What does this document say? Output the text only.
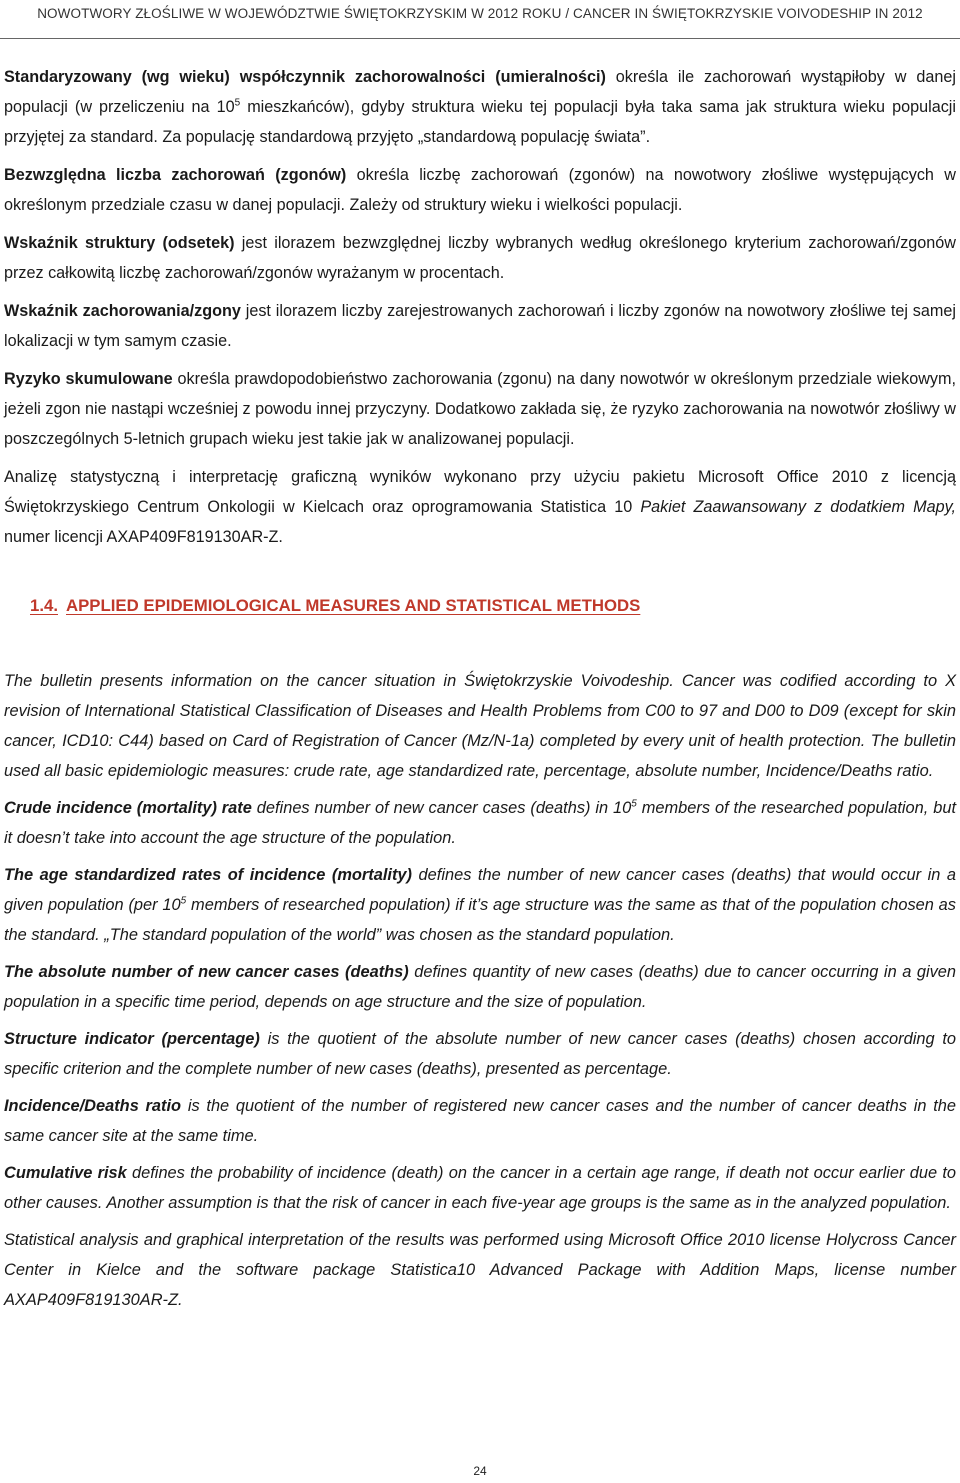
NOWOTWORY ZŁOŚLIWE W WOJEWÓDZTWIE ŚWIĘTOKRZYSKIM W 2012 ROKU / CANCER IN ŚWIĘTOKRZYSKIE VOIVODESHIP IN 2012

Standaryzowany (wg wieku) współczynnik zachorowalności (umieralności) określa ile zachorowań wystąpiłoby w danej populacji (w przeliczeniu na $10^5$ mieszkańców), gdyby struktura wieku tej populacji była taka sama jak struktura wieku populacji przyjętej za standard. Za populację standardową przyjęto „standardową populację świata”.

Bezwzględna liczba zachorowań (zgonów) określa liczbę zachorowań (zgonów) na nowotwory złośliwe występujących w określonym przedziale czasu w danej populacji. Zależy od struktury wieku i wielkości populacji.

Wskaźnik struktury (odsetek) jest ilorazem bezwzględnej liczby wybranych według określonego kryterium zachorowań/zgonów przez całkowitą liczbę zachorowań/zgonów wyrażanym w procentach.

Wskaźnik zachorowania/zgony jest ilorazem liczby zarejestrowanych zachorowań i liczby zgonów na nowotwory złośliwe tej samej lokalizacji w tym samym czasie.

Ryzyko skumulowane określa prawdopodobieństwo zachorowania (zgonu) na dany nowotwór w określonym przedziale wiekowym, jeżeli zgon nie nastąpi wcześniej z powodu innej przyczyny. Dodatkowo zakłada się, że ryzyko zachorowania na nowotwór złośliwy w poszczególnych 5-letnich grupach wieku jest takie jak w analizowanej populacji.

Analizę statystyczną i interpretację graficzną wyników wykonano przy użyciu pakietu Microsoft Office 2010 z licencją Świętokrzyskiego Centrum Onkologii w Kielcach oraz oprogramowania Statistica 10 Pakiet Zaawansowany z dodatkiem Mapy, numer licencji AXAP409F819130AR-Z.

1.4. APPLIED EPIDEMIOLOGICAL MEASURES AND STATISTICAL METHODS

The bulletin presents information on the cancer situation in Świętokrzyskie Voivodeship. Cancer was codified according to X revision of International Statistical Classification of Diseases and Health Problems from C00 to 97 and D00 to D09 (except for skin cancer, ICD10: C44) based on Card of Registration of Cancer (Mz/N-1a) completed by every unit of health protection. The bulletin used all basic epidemiologic measures: crude rate, age standardized rate, percentage, absolute number, Incidence/Deaths ratio.

Crude incidence (mortality) rate defines number of new cancer cases (deaths) in $10^5$ members of the researched population, but it doesn’t take into account the age structure of the population.

The age standardized rates of incidence (mortality) defines the number of new cancer cases (deaths) that would occur in a given population (per $10^5$ members of researched population) if it’s age structure was the same as that of the population chosen as the standard. „The standard population of the world” was chosen as the standard population.

The absolute number of new cancer cases (deaths) defines quantity of new cases (deaths) due to cancer occurring in a given population in a specific time period, depends on age structure and the size of population.

Structure indicator (percentage) is the quotient of the absolute number of new cancer cases (deaths) chosen according to specific criterion and the complete number of new cases (deaths), presented as percentage.

Incidence/Deaths ratio is the quotient of the number of registered new cancer cases and the number of cancer deaths in the same cancer site at the same time.

Cumulative risk defines the probability of incidence (death) on the cancer in a certain age range, if death not occur earlier due to other causes. Another assumption is that the risk of cancer in each five-year age groups is the same as in the analyzed population.

Statistical analysis and graphical interpretation of the results was performed using Microsoft Office 2010 license Holycross Cancer Center in Kielce and the software package Statistica10 Advanced Package with Addition Maps, license number AXAP409F819130AR-Z.

24
